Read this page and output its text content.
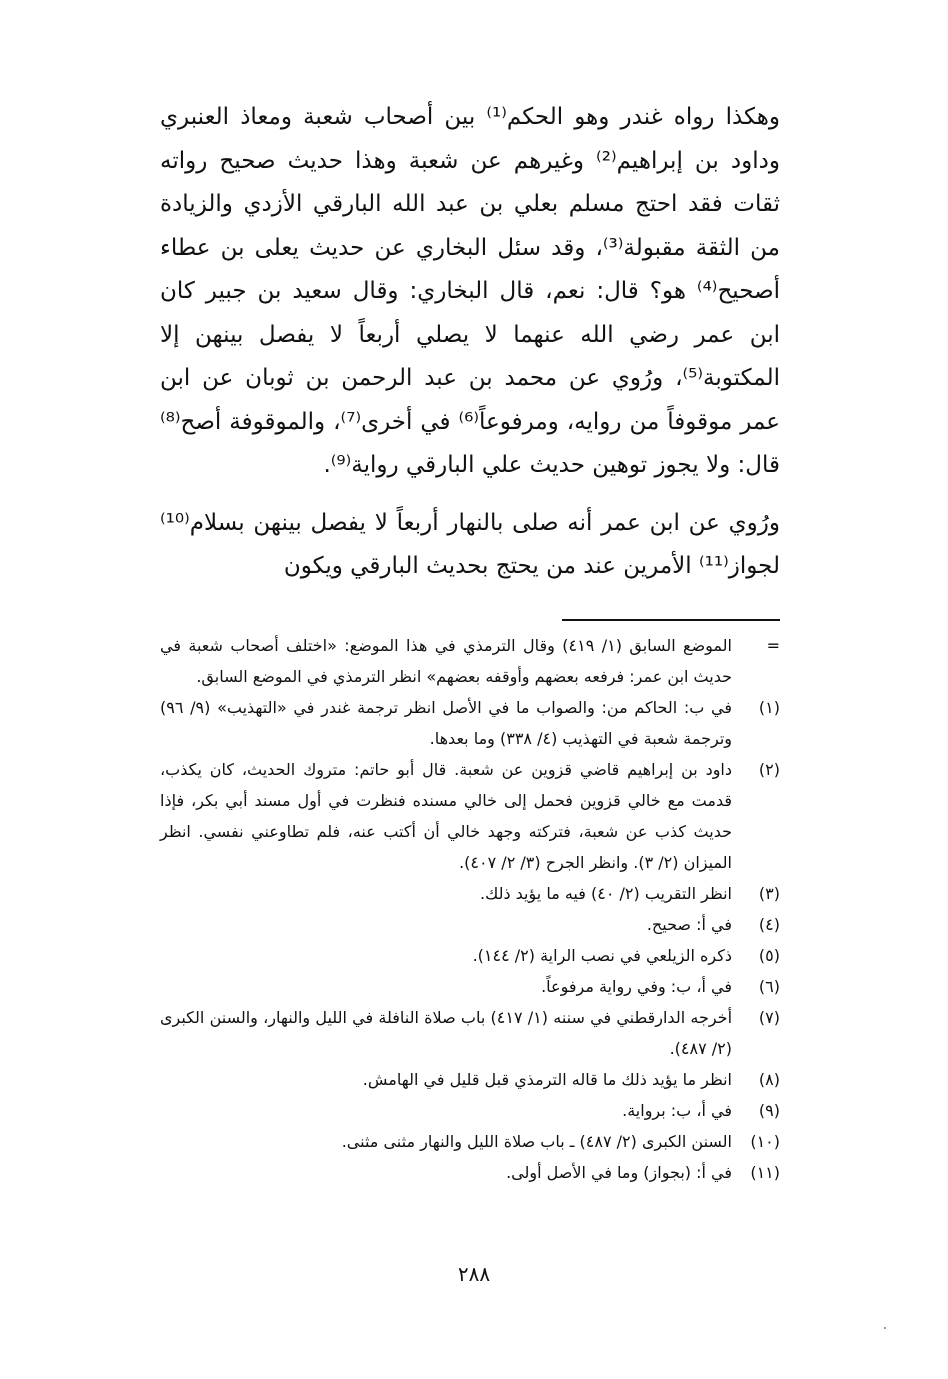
وهكذا رواه غندر وهو الحكم⁽¹⁾ بين أصحاب شعبة ومعاذ العنبري وداود بن إبراهيم⁽²⁾ وغيرهم عن شعبة وهذا حديث صحيح رواته ثقات فقد احتج مسلم بعلي بن عبد الله البارقي الأزدي والزيادة من الثقة مقبولة⁽³⁾، وقد سئل البخاري عن حديث يعلى بن عطاء أصحيح⁽⁴⁾ هو؟ قال: نعم، قال البخاري: وقال سعيد بن جبير كان ابن عمر رضي الله عنهما لا يصلي أربعاً لا يفصل بينهن إلا المكتوبة⁽⁵⁾، ورُوي عن محمد بن عبد الرحمن بن ثوبان عن ابن عمر موقوفاً من روايه، ومرفوعاً⁽⁶⁾ في أخرى⁽⁷⁾، والموقوفة أصح⁽⁸⁾ قال: ولا يجوز توهين حديث علي البارقي رواية⁽⁹⁾.

ورُوي عن ابن عمر أنه صلى بالنهار أربعاً لا يفصل بينهن بسلام⁽¹⁰⁾ لجواز⁽¹¹⁾ الأمرين عند من يحتج بحديث البارقي ويكون

=
الموضع السابق (١/ ٤١٩) وقال الترمذي في هذا الموضع: «اختلف أصحاب شعبة في حديث ابن عمر: فرفعه بعضهم وأوقفه بعضهم» انظر الترمذي في الموضع السابق.
(١)
في ب: الحاكم من: والصواب ما في الأصل انظر ترجمة غندر في «التهذيب» (٩/ ٩٦) وترجمة شعبة في التهذيب (٤/ ٣٣٨) وما بعدها.
(٢)
داود بن إبراهيم قاضي قزوين عن شعبة. قال أبو حاتم: متروك الحديث، كان يكذب، قدمت مع خالي قزوين فحمل إلى خالي مسنده فنظرت في أول مسند أبي بكر، فإذا حديث كذب عن شعبة، فتركته وجهد خالي أن أكتب عنه، فلم تطاوعني نفسي. انظر الميزان (٢/ ٣). وانظر الجرح (٣/ ٢/ ٤٠٧).
(٣)
انظر التقريب (٢/ ٤٠) فيه ما يؤيد ذلك.
(٤)
في أ: صحيح.
(٥)
ذكره الزيلعي في نصب الراية (٢/ ١٤٤).
(٦)
في أ، ب: وفي رواية مرفوعاً.
(٧)
أخرجه الدارقطني في سننه (١/ ٤١٧) باب صلاة النافلة في الليل والنهار، والسنن الكبرى (٢/ ٤٨٧).
(٨)
انظر ما يؤيد ذلك ما قاله الترمذي قبل قليل في الهامش.
(٩)
في أ، ب: برواية.
(١٠)
السنن الكبرى (٢/ ٤٨٧) ـ باب صلاة الليل والنهار مثنى مثنى.
(١١)
في أ: (بجواز) وما في الأصل أولى.
٢٨٨
